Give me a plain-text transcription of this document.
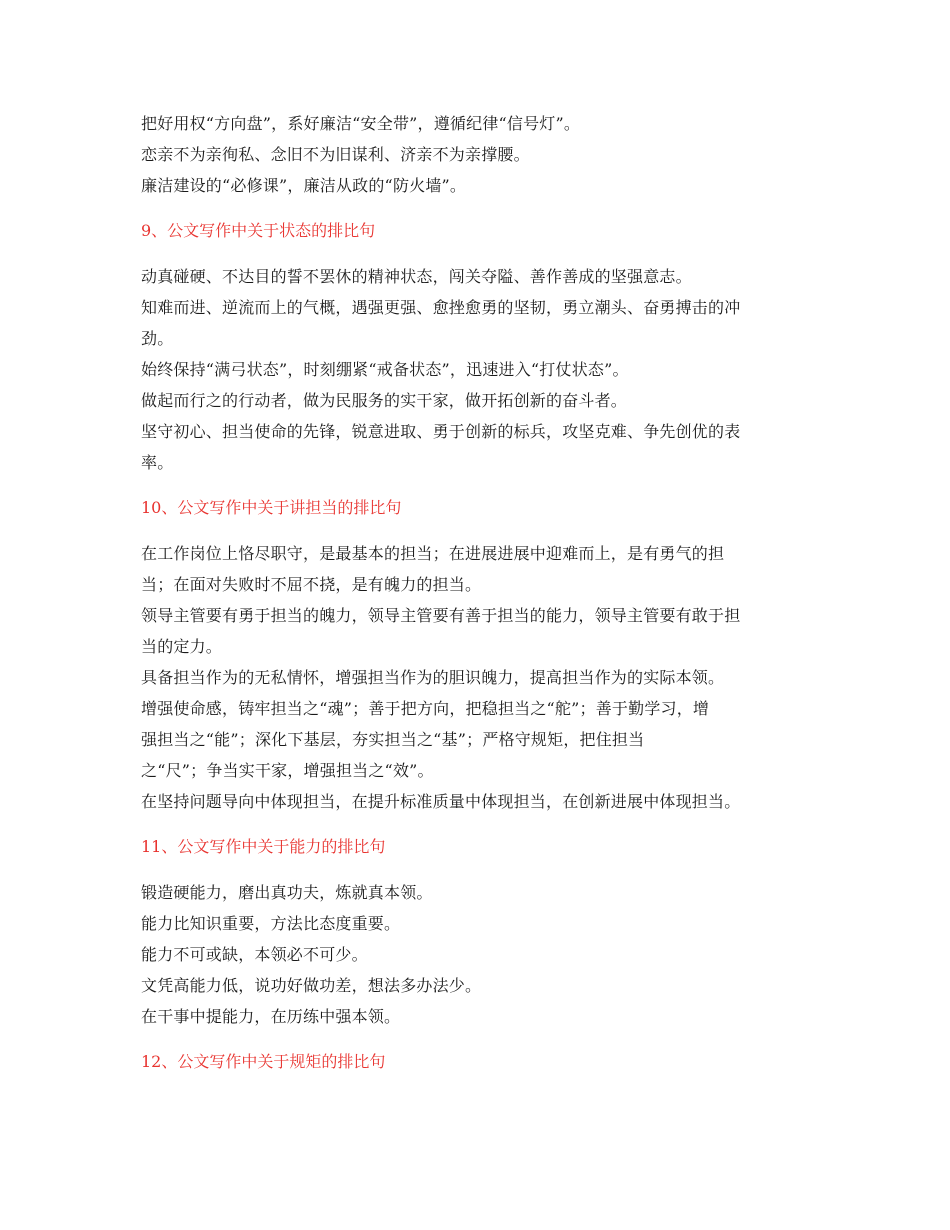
把好用权“方向盘”，系好廉洁“安全带”，遵循纪律“信号灯”。
恋亲不为亲徇私、念旧不为旧谋利、济亲不为亲撑腰。
廉洁建设的“必修课”，廉洁从政的“防火墙”。
9、公文写作中关于状态的排比句
动真碰硬、不达目的誓不罢休的精神状态，闯关夺隘、善作善成的坚强意志。
知难而进、逆流而上的气概，遇强更强、愈挫愈勇的坚韧，勇立潮头、奋勇搏击的冲
劲。
始终保持“满弓状态”，时刻绷紧“戒备状态”，迅速进入“打仗状态”。
做起而行之的行动者，做为民服务的实干家，做开拓创新的奋斗者。
坚守初心、担当使命的先锋，锐意进取、勇于创新的标兵，攻坚克难、争先创优的表
率。
10、公文写作中关于讲担当的排比句
在工作岗位上恪尽职守，是最基本的担当；在进展进展中迎难而上，是有勇气的担
当；在面对失败时不屈不挠，是有魄力的担当。
领导主管要有勇于担当的魄力，领导主管要有善于担当的能力，领导主管要有敢于担
当的定力。
具备担当作为的无私情怀，增强担当作为的胆识魄力，提高担当作为的实际本领。
增强使命感，铸牢担当之“魂”；善于把方向，把稳担当之“舵”；善于勤学习，增
强担当之“能”；深化下基层，夯实担当之“基”；严格守规矩，把住担当
之“尺”；争当实干家，增强担当之“效”。
在坚持问题导向中体现担当，在提升标准质量中体现担当，在创新进展中体现担当。
11、公文写作中关于能力的排比句
锻造硬能力，磨出真功夫，炼就真本领。
能力比知识重要，方法比态度重要。
能力不可或缺，本领必不可少。
文凭高能力低，说功好做功差，想法多办法少。
在干事中提能力，在历练中强本领。
12、公文写作中关于规矩的排比句
